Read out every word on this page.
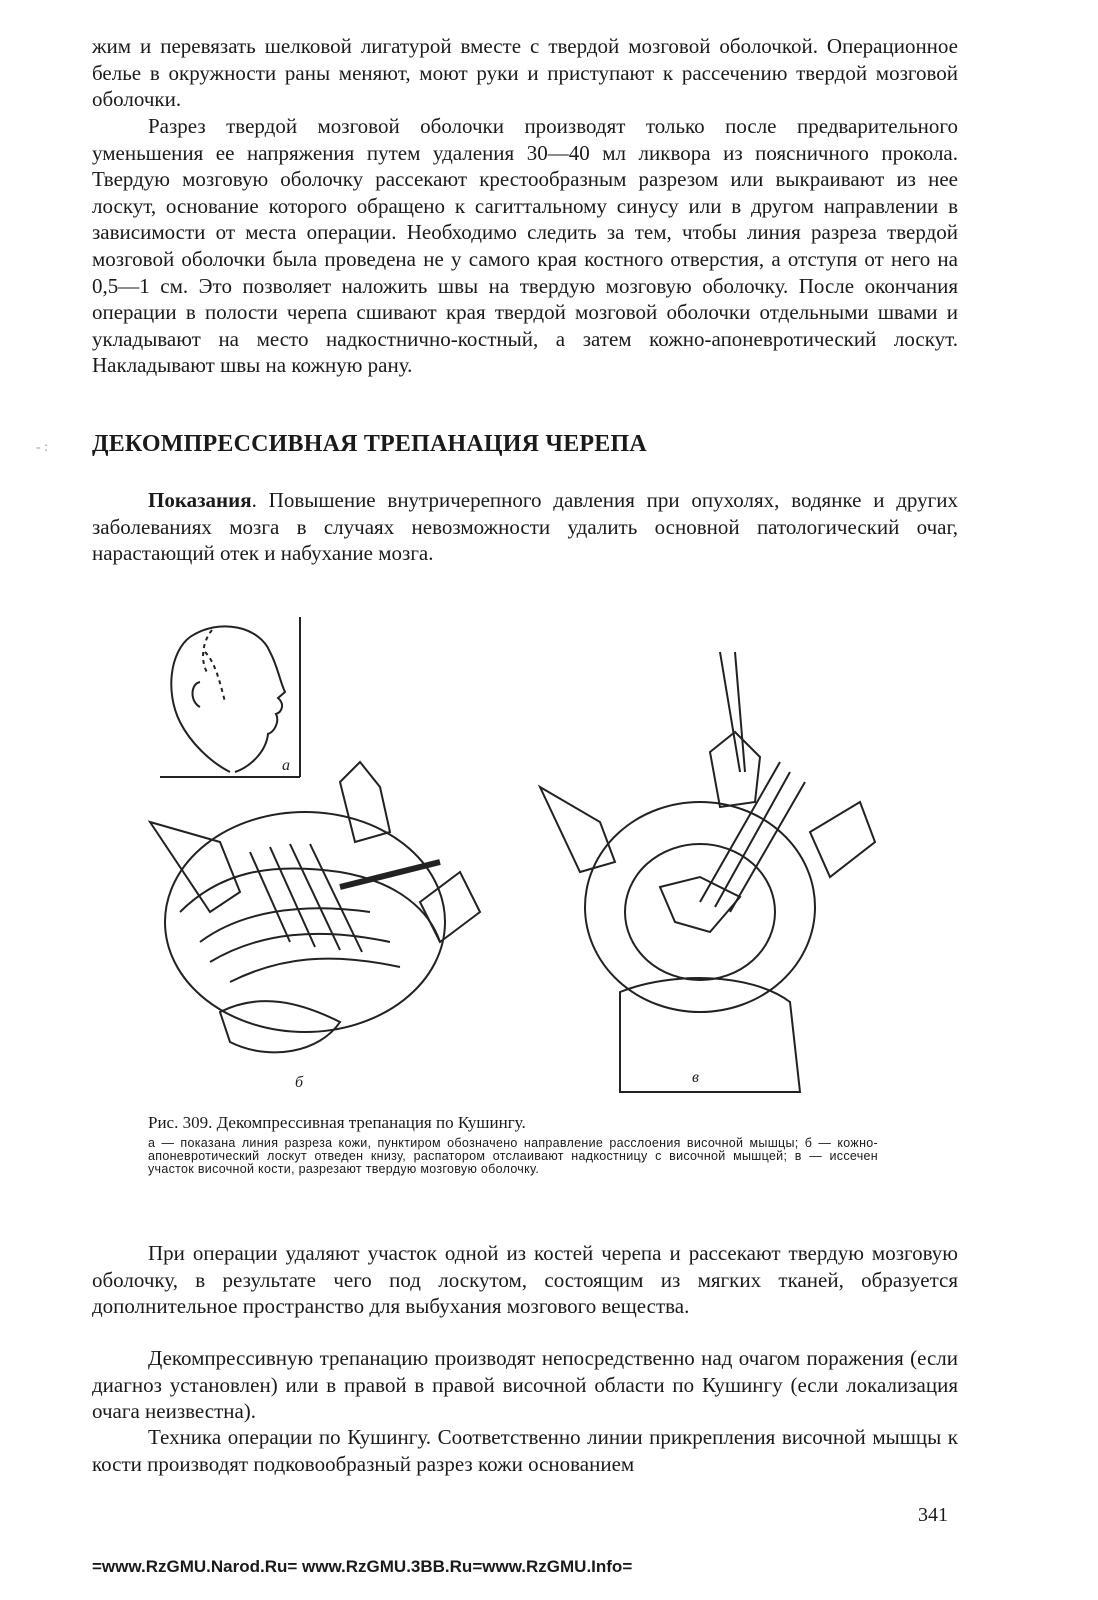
- :

жим и перевязать шелковой лигатурой вместе с твердой мозговой оболочкой. Операционное белье в окружности раны меняют, моют руки и приступают к рассечению твердой мозговой оболочки.

Разрез твердой мозговой оболочки производят только после предварительного уменьшения ее напряжения путем удаления 30—40 мл ликвора из поясничного прокола. Твердую мозговую оболочку рассекают крестообразным разрезом или выкраивают из нее лоскут, основание которого обращено к сагиттальному синусу или в другом направлении в зависимости от места операции. Необходимо следить за тем, чтобы линия разреза твердой мозговой оболочки была проведена не у самого края костного отверстия, а отступя от него на 0,5—1 см. Это позволяет наложить швы на твердую мозговую оболочку. После окончания операции в полости черепа сшивают края твердой мозговой оболочки отдельными швами и укладывают на место надкостнично-костный, а затем кожно-апоневротический лоскут. Накладывают швы на кожную рану.

ДЕКОМПРЕССИВНАЯ ТРЕПАНАЦИЯ ЧЕРЕПА

Показания. Повышение внутричерепного давления при опухолях, водянке и других заболеваниях мозга в случаях невозможности удалить основной патологический очаг, нарастающий отек и набухание мозга.

a
б	в

Рис. 309. Декомпрессивная трепанация по Кушингу.

а — показана линия разреза кожи, пунктиром обозначено направление расслоения височной мышцы; б — кожно-апоневротический лоскут отведен книзу, распатором отслаивают надкостницу с височной мышцей; в — иссечен участок височной кости, разрезают твердую мозговую оболочку.

При операции удаляют участок одной из костей черепа и рассекают твердую мозговую оболочку, в результате чего под лоскутом, состоящим из мягких тканей, образуется дополнительное пространство для выбухания мозгового вещества.

Декомпрессивную трепанацию производят непосредственно над очагом поражения (если диагноз установлен) или в правой в правой височной области по Кушингу (если локализация очага неизвестна).

Техника операции по Кушингу. Соответственно линии прикрепления височной мышцы к кости производят подковообразный разрез кожи основанием

341

=www.RzGMU.Narod.Ru= www.RzGMU.3BB.Ru=www.RzGMU.Info=
